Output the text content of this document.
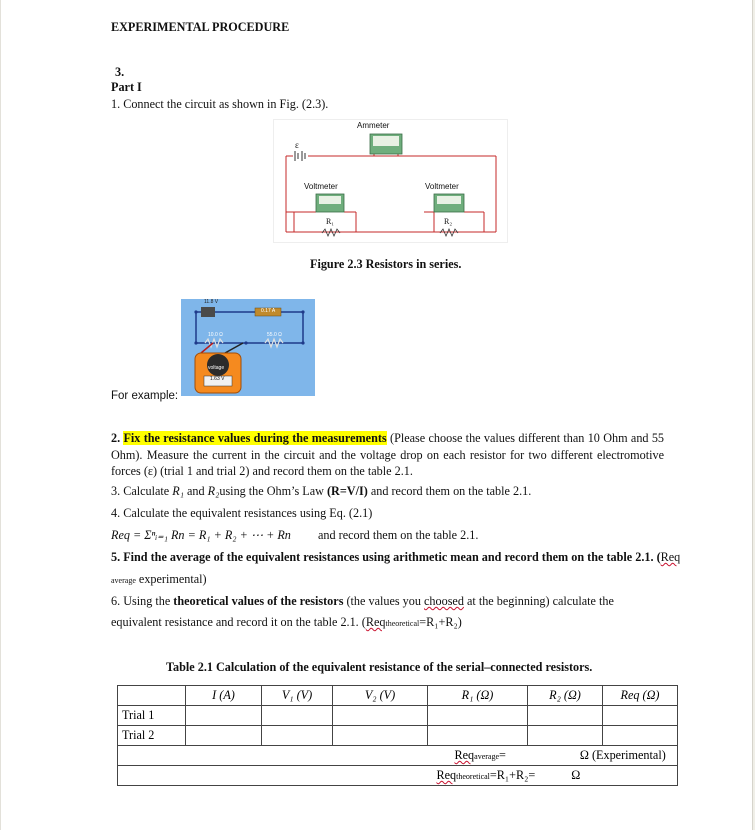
EXPERIMENTAL PROCEDURE
3.
Part I
1. Connect the circuit as shown in Fig. (2.3).
Ammeter
ε
Voltmeter	Voltmeter
R₁	R₂
Figure 2.3 Resistors in series.
11.8 V
0.17 A
10.0 Ω	55.0 Ω
voltage
1.63 V
For example:
2. Fix the resistance values during the measurements (Please choose the values different than 10 Ohm and 55 Ohm). Measure the current in the circuit and the voltage drop on each resistor for two different electromotive forces (ε) (trial 1 and trial 2) and record them on the table 2.1.
3. Calculate R₁ and R₂using the Ohm’s Law (R=V/I) and record them on the table 2.1.
4. Calculate the equivalent resistances using Eq. (2.1)
Req = Σⁿᵢ₌₁ Rn = R₁ + R₂ + ⋯ + Rn and record them on the table 2.1.
5. Find the average of the equivalent resistances using arithmetic mean and record them on the table 2.1. (Req
average experimental)
6. Using the theoretical values of the resistors (the values you choosed at the beginning) calculate the
equivalent resistance and record it on the table 2.1. (Reqtheoretical=R₁+R₂)
Table 2.1 Calculation of the equivalent resistance of the serial–connected resistors.
	I (A)	V₁ (V)	V₂ (V)	R₁ (Ω)	R₂ (Ω)	Req (Ω)
Trial 1						
Trial 2						
			Reqaverage= Ω (Experimental)			
			Reqtheoretical=R₁+R₂= Ω			
